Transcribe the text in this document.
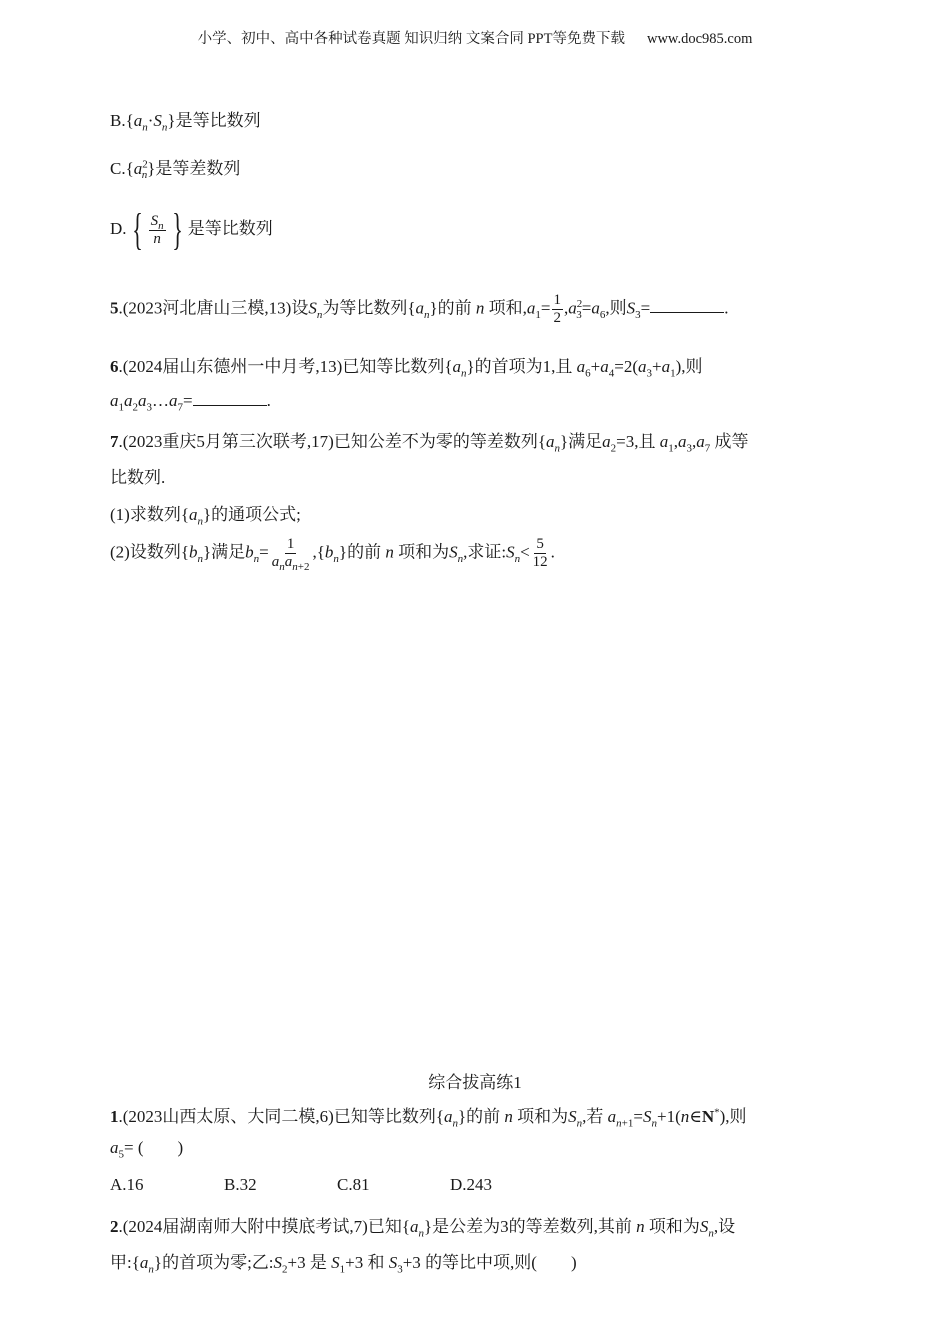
小学、初中、高中各种试卷真题 知识归纳 文案合同 PPT等免费下载 www.doc985.com
$B.\{a_n\cdot S_n\}$是等比数列
$C.\{a^2_n\}$是等差数列
D. { $\frac{S_n}{n}$ } 是等比数列
5.(2023河北唐山三模,13)设$S_n$为等比数列$\{a_n\}$的前 n 项和$,a_1= \frac{1}{2} ,a^2_3=a_6$,则$S_3=$	.
6.(2024届山东德州一中月考,13)已知等比数列$\{a_n\}$的首项为1,且 $a_6+a_4=2(a_3+a_1)$,则
$a_1a_2a_3\dots a_7=$	.
7.(2023重庆5月第三次联考,17)已知公差不为零的等差数列$\{a_n\}$满足$a_2=3$,且 $a_1,a_3,a_7$ 成等
比数列.
(1)求数列$\{a_n\}$的通项公式;
(2)设数列$\{b_n\}$满足$b_n= \frac{1}{a_na_{n+2}} ,\{b_n\}$的前 n 项和为$S_n$,求证$:S_n< \frac{5}{12}$ .
综合拔高练1
1.(2023山西太原、大同二模,6)已知等比数列$\{a_n\}$的前 n 项和为$S_n$,若 $a_{n+1}=S_n+1(n\in N^*)$,则
$a_5=$ (        )
A.16	B.32	C.81	D.243
2.(2024届湖南师大附中摸底考试,7)已知$\{a_n\}$是公差为3的等差数列,其前 n 项和为$S_n$,设
甲$:\{a_n\}$的首项为零;乙$:S_2+3$ 是 $S_1+3$ 和 $S_3+3$ 的等比中项,则(        )
